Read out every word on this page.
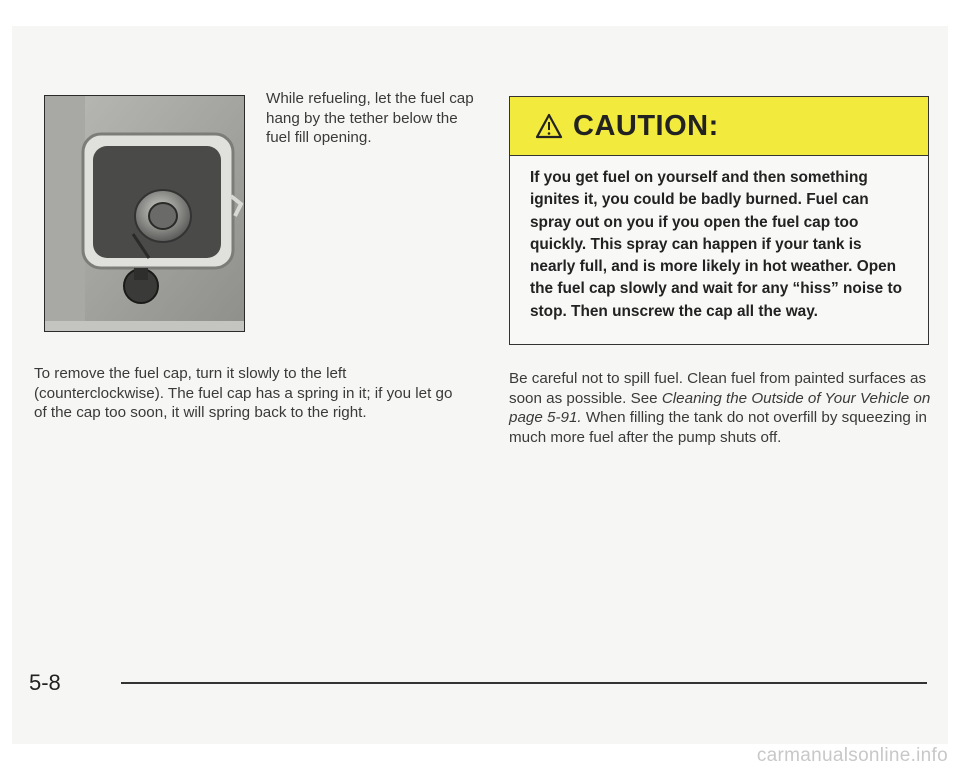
While refueling, let the fuel cap hang by the tether below the fuel fill opening.	CAUTION:
If you get fuel on yourself and then something ignites it, you could be badly burned. Fuel can spray out on you if you open the fuel cap too quickly. This spray can happen if your tank is nearly full, and is more likely in hot weather. Open the fuel cap slowly and wait for any “hiss” noise to stop. Then unscrew the cap all the way.

To remove the fuel cap, turn it slowly to the left (counterclockwise). The fuel cap has a spring in it; if you let go of the cap too soon, it will spring back to the right.

Be careful not to spill fuel. Clean fuel from painted surfaces as soon as possible. See Cleaning the Outside of Your Vehicle on page 5-91. When filling the tank do not overfill by squeezing in much more fuel after the pump shuts off.

5-8
carmanualsonline.info
